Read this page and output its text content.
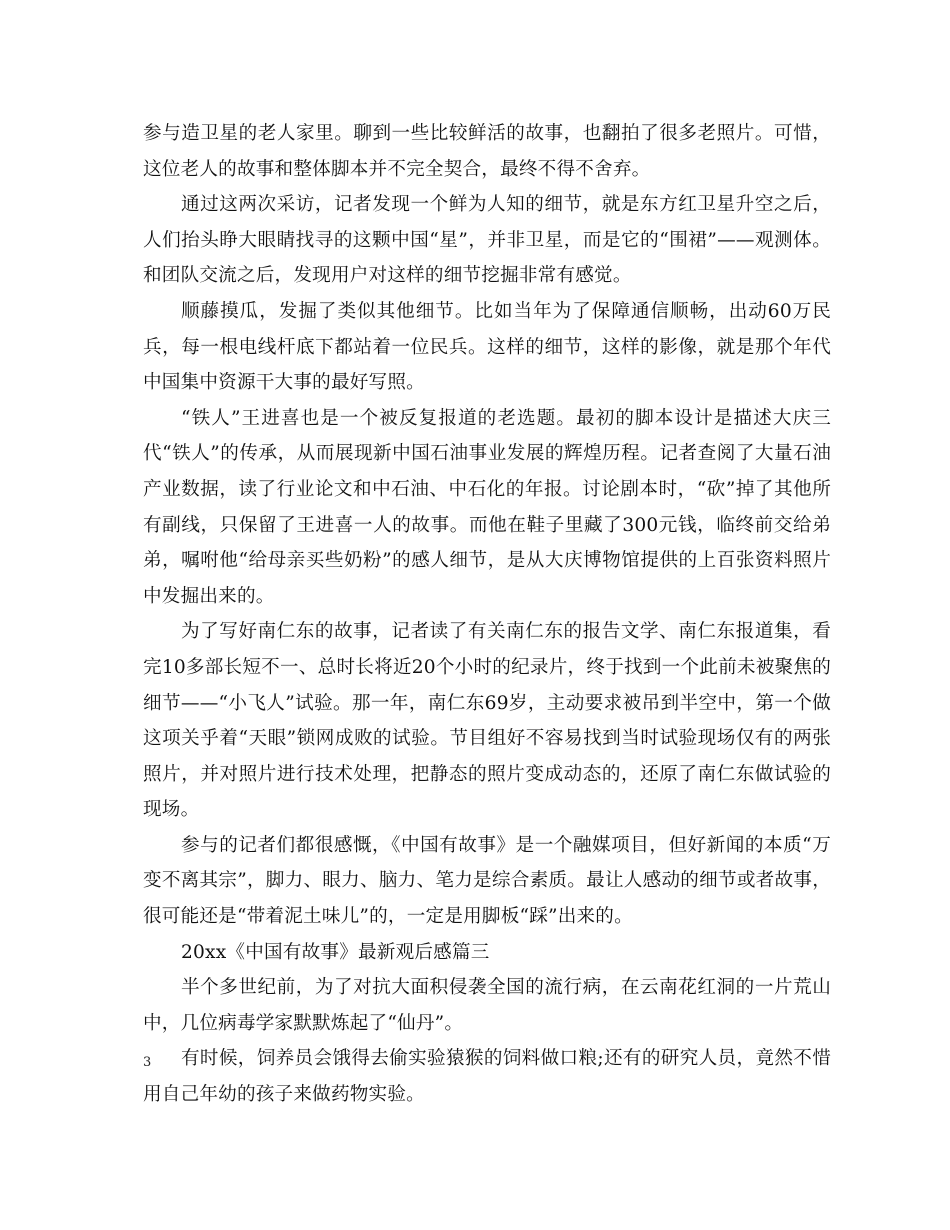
参与造卫星的老人家里。聊到一些比较鲜活的故事，也翻拍了很多老照片。可惜，这位老人的故事和整体脚本并不完全契合，最终不得不舍弃。

通过这两次采访，记者发现一个鲜为人知的细节，就是东方红卫星升空之后，人们抬头睁大眼睛找寻的这颗中国“星”，并非卫星，而是它的“围裙”——观测体。和团队交流之后，发现用户对这样的细节挖掘非常有感觉。

顺藤摸瓜，发掘了类似其他细节。比如当年为了保障通信顺畅，出动60万民兵，每一根电线杆底下都站着一位民兵。这样的细节，这样的影像，就是那个年代中国集中资源干大事的最好写照。

“铁人”王进喜也是一个被反复报道的老选题。最初的脚本设计是描述大庆三代“铁人”的传承，从而展现新中国石油事业发展的辉煌历程。记者查阅了大量石油产业数据，读了行业论文和中石油、中石化的年报。讨论剧本时，“砍”掉了其他所有副线，只保留了王进喜一人的故事。而他在鞋子里藏了300元钱，临终前交给弟弟，嘱咐他“给母亲买些奶粉”的感人细节，是从大庆博物馆提供的上百张资料照片中发掘出来的。

为了写好南仁东的故事，记者读了有关南仁东的报告文学、南仁东报道集，看完10多部长短不一、总时长将近20个小时的纪录片，终于找到一个此前未被聚焦的细节——“小飞人”试验。那一年，南仁东69岁，主动要求被吊到半空中，第一个做这项关乎着“天眼”锁网成败的试验。节目组好不容易找到当时试验现场仅有的两张照片，并对照片进行技术处理，把静态的照片变成动态的，还原了南仁东做试验的现场。

参与的记者们都很感慨，《中国有故事》是一个融媒项目，但好新闻的本质“万变不离其宗”，脚力、眼力、脑力、笔力是综合素质。最让人感动的细节或者故事，很可能还是“带着泥土味儿”的，一定是用脚板“踩”出来的。

20xx《中国有故事》最新观后感篇三

半个多世纪前，为了对抗大面积侵袭全国的流行病，在云南花红洞的一片荒山中，几位病毒学家默默炼起了“仙丹”。

有时候，饲养员会饿得去偷实验猿猴的饲料做口粮;还有的研究人员，竟然不惜用自己年幼的孩子来做药物实验。

3
